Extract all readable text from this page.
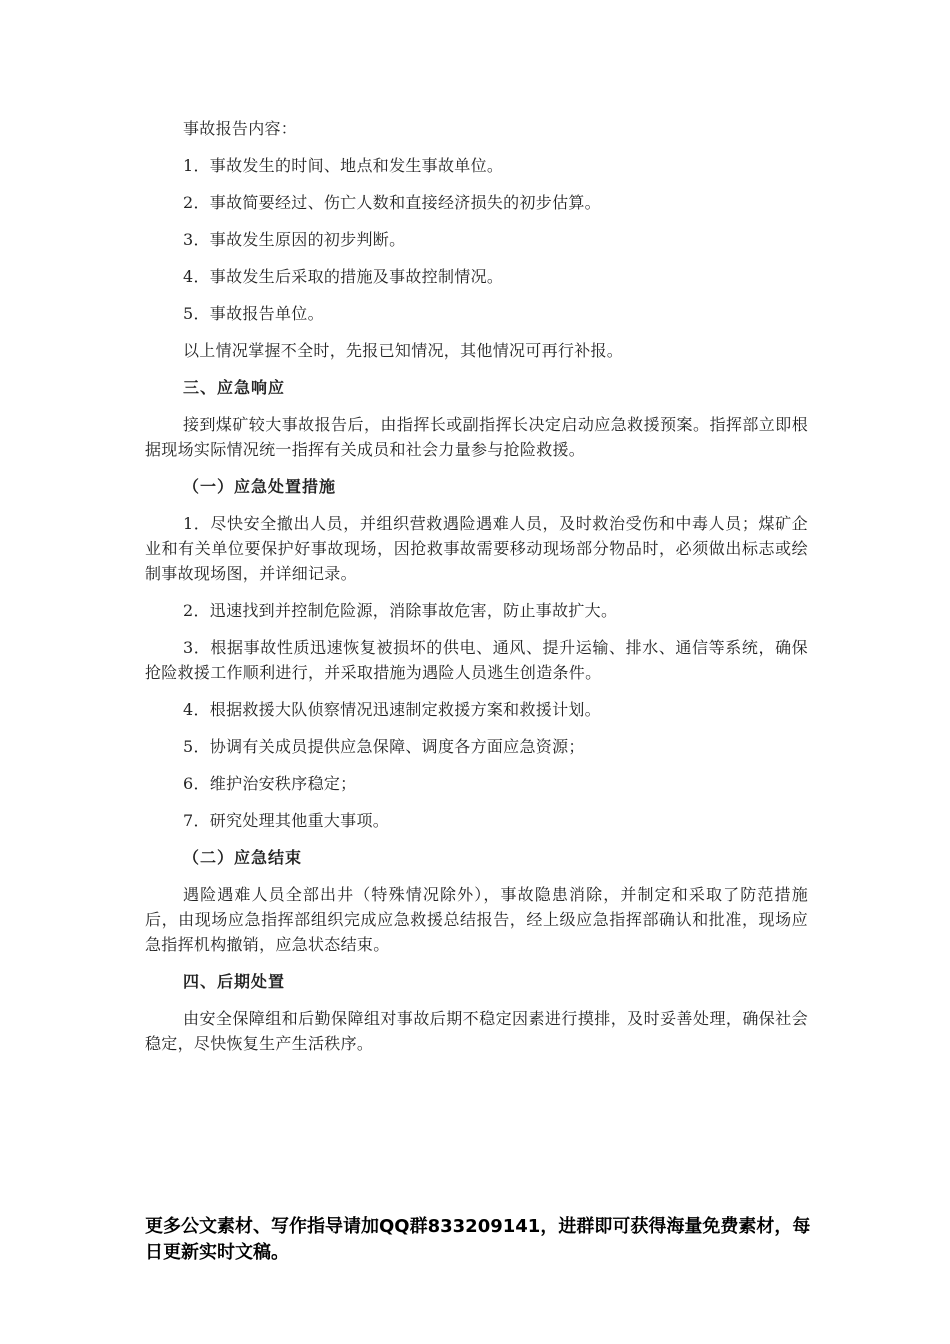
事故报告内容：

1．事故发生的时间、地点和发生事故单位。

2．事故简要经过、伤亡人数和直接经济损失的初步估算。

3．事故发生原因的初步判断。

4．事故发生后采取的措施及事故控制情况。

5．事故报告单位。

以上情况掌握不全时，先报已知情况，其他情况可再行补报。

三、应急响应

接到煤矿较大事故报告后，由指挥长或副指挥长决定启动应急救援预案。指挥部立即根据现场实际情况统一指挥有关成员和社会力量参与抢险救援。

（一）应急处置措施

1．尽快安全撤出人员，并组织营救遇险遇难人员，及时救治受伤和中毒人员；煤矿企业和有关单位要保护好事故现场，因抢救事故需要移动现场部分物品时，必须做出标志或绘制事故现场图，并详细记录。

2．迅速找到并控制危险源，消除事故危害，防止事故扩大。

3．根据事故性质迅速恢复被损坏的供电、通风、提升运输、排水、通信等系统，确保抢险救援工作顺利进行，并采取措施为遇险人员逃生创造条件。

4．根据救援大队侦察情况迅速制定救援方案和救援计划。

5．协调有关成员提供应急保障、调度各方面应急资源；

6．维护治安秩序稳定；

7．研究处理其他重大事项。

（二）应急结束

遇险遇难人员全部出井（特殊情况除外），事故隐患消除，并制定和采取了防范措施后，由现场应急指挥部组织完成应急救援总结报告，经上级应急指挥部确认和批准，现场应急指挥机构撤销，应急状态结束。

四、后期处置

由安全保障组和后勤保障组对事故后期不稳定因素进行摸排，及时妥善处理，确保社会稳定，尽快恢复生产生活秩序。

更多公文素材、写作指导请加QQ群833209141，进群即可获得海量免费素材，每日更新实时文稿。
